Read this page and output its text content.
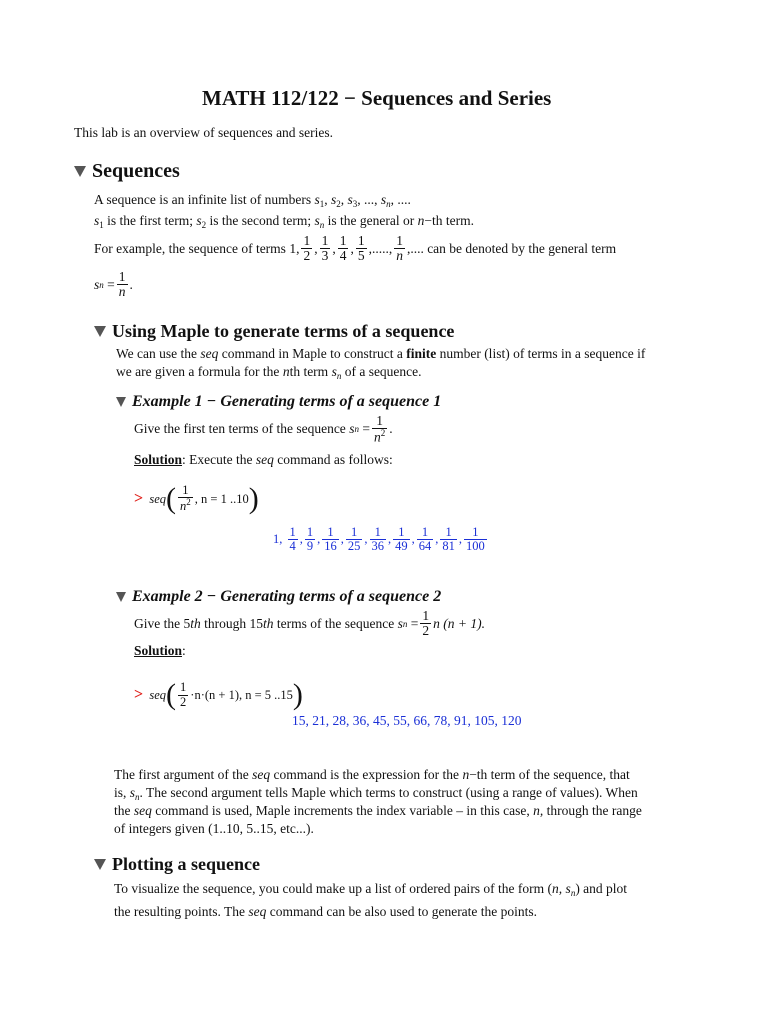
MATH 112/122 − Sequences and Series
This lab is an overview of sequences and series.
Sequences
A sequence is an infinite list of numbers $s_1$, $s_2$, $s_3$, ..., $s_n$, ....
$s_1$ is the first term; $s_2$ is the second term; $s_n$ is the general or n−th term.
For example, the sequence of terms
1 , $\frac{1}{2}$ , $\frac{1}{3}$ , $\frac{1}{4}$ , $\frac{1}{5}$ ,....., $\frac{1}{n}$ ,.... can be denoted by the general term
s n
= $\frac{1}{n}$ .
Using Maple to generate terms of a sequence
We can use the seq command in Maple to construct a finite number (list) of terms in a sequence if
we are given a formula for the nth term $s_n$ of a sequence.
Example 1 − Generating terms of a sequence 1
Give the first ten terms of the sequence
s n
= $\frac{1}{n^2}$ .
Solution: Execute the seq command as follows:
>
seq ( $\frac{1}{n^2}$ , n = 1 ..10 )
1,
$\frac{1}{4}$ , $\frac{1}{9}$ , $\frac{1}{16}$ , $\frac{1}{25}$ , $\frac{1}{36}$ , $\frac{1}{49}$ , $\frac{1}{64}$ , $\frac{1}{81}$ , $\frac{1}{100}$
Example 2 − Generating terms of a sequence 2
Give the 5 th
through 15 th
terms of the sequence
s n
= $\frac{1}{2}$ n (n + 1).
Solution:
>
seq ( $\frac{1}{2} \cdot n\cdot(n + 1)$, n = 5 ..15 )
15, 21, 28, 36, 45, 55, 66, 78, 91, 105, 120
The first argument of the seq command is the expression for the n−th term of the sequence, that
is, $s_n$. The second argument tells Maple which terms to construct (using a range of values). When
the seq command is used, Maple increments the index variable – in this case, n, through the range
of integers given (1..10, 5..15, etc...).
Plotting a sequence
To visualize the sequence, you could make up a list of ordered pairs of the form (n, $s_n$) and plot
the resulting points. The seq command can be also used to generate the points.
